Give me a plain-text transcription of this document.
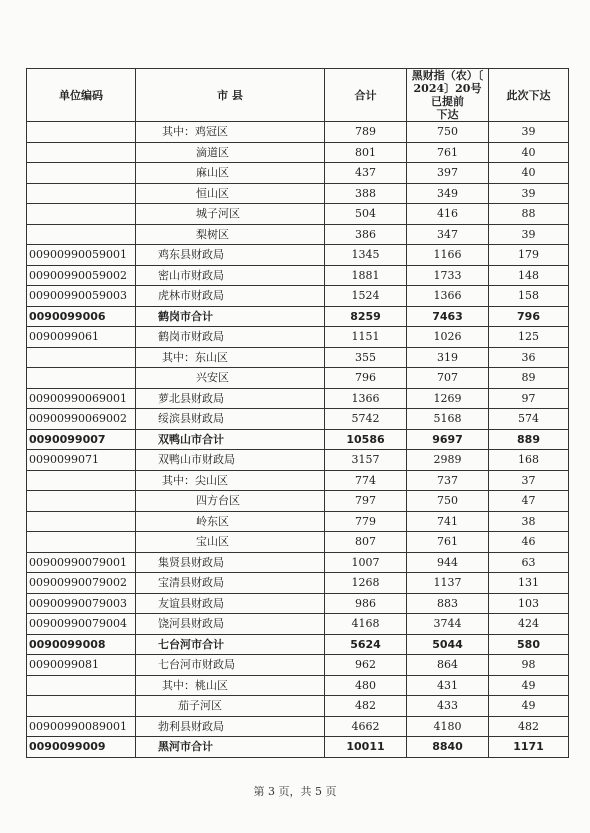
单位编码	市 县	合计	黑财指（农）〔
2024〕20号已提前
下达	此次下达
	其中：鸡冠区	789	750	39
	滴道区	801	761	40
	麻山区	437	397	40
	恒山区	388	349	39
	城子河区	504	416	88
	梨树区	386	347	39
00900990059001	鸡东县财政局	1345	1166	179
00900990059002	密山市财政局	1881	1733	148
00900990059003	虎林市财政局	1524	1366	158
0090099006	鹤岗市合计	8259	7463	796
0090099061	鹤岗市财政局	1151	1026	125
	其中：东山区	355	319	36
	兴安区	796	707	89
00900990069001	萝北县财政局	1366	1269	97
00900990069002	绥滨县财政局	5742	5168	574
0090099007	双鸭山市合计	10586	9697	889
0090099071	双鸭山市财政局	3157	2989	168
	其中：尖山区	774	737	37
	四方台区	797	750	47
	岭东区	779	741	38
	宝山区	807	761	46
00900990079001	集贤县财政局	1007	944	63
00900990079002	宝清县财政局	1268	1137	131
00900990079003	友谊县财政局	986	883	103
00900990079004	饶河县财政局	4168	3744	424
0090099008	七台河市合计	5624	5044	580
0090099081	七台河市财政局	962	864	98
	其中：桃山区	480	431	49
	茄子河区	482	433	49
00900990089001	勃利县财政局	4662	4180	482
0090099009	黑河市合计	10011	8840	1171
第 3 页，共 5 页
